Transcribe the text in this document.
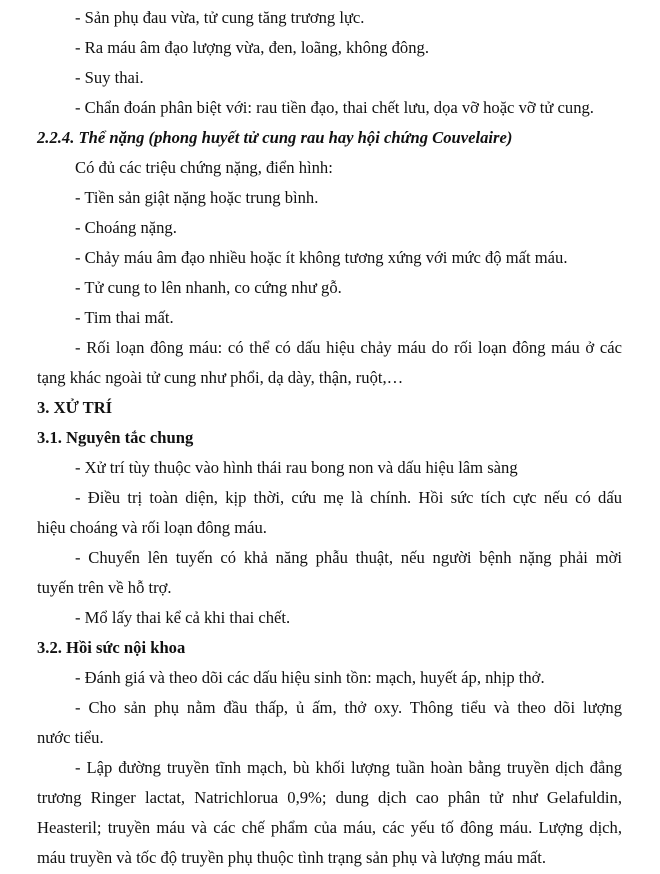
- Sản phụ đau vừa, tử cung tăng trương lực.
- Ra máu âm đạo lượng vừa, đen, loãng, không đông.
- Suy thai.
- Chẩn đoán phân biệt với: rau tiền đạo, thai chết lưu, dọa vỡ hoặc vỡ tử cung.
2.2.4. Thể nặng (phong huyết tử cung rau hay hội chứng Couvelaire)
Có đủ các triệu chứng nặng, điển hình:
- Tiền sản giật nặng hoặc trung bình.
- Choáng nặng.
- Chảy máu âm đạo nhiều hoặc ít không tương xứng với mức độ mất máu.
- Tử cung to lên nhanh, co cứng như gỗ.
- Tim thai mất.
- Rối loạn đông máu: có thể có dấu hiệu chảy máu do rối loạn đông máu ở các
tạng khác ngoài tử cung như phổi, dạ dày, thận, ruột,…
3. XỬ TRÍ
3.1. Nguyên tắc chung
- Xử trí tùy thuộc vào hình thái rau bong non và dấu hiệu lâm sàng
- Điều trị toàn diện, kịp thời, cứu mẹ là chính. Hồi sức tích cực nếu có dấu
hiệu choáng và rối loạn đông máu.
- Chuyển lên tuyến có khả năng phẫu thuật, nếu người bệnh nặng phải mời
tuyến trên về hỗ trợ.
- Mổ lấy thai kể cả khi thai chết.
3.2. Hồi sức nội khoa
- Đánh giá và theo dõi các dấu hiệu sinh tồn: mạch, huyết áp, nhịp thở.
- Cho sản phụ nằm đầu thấp, ủ ấm, thở oxy. Thông tiểu và theo dõi lượng
nước tiểu.
- Lập đường truyền tĩnh mạch, bù khối lượng tuần hoàn bằng truyền dịch đẳng
trương Ringer lactat, Natrichlorua 0,9%; dung dịch cao phân tử như Gelafuldin,
Heasteril; truyền máu và các chế phẩm của máu, các yếu tố đông máu. Lượng dịch,
máu truyền và tốc độ truyền phụ thuộc tình trạng sản phụ và lượng máu mất.
